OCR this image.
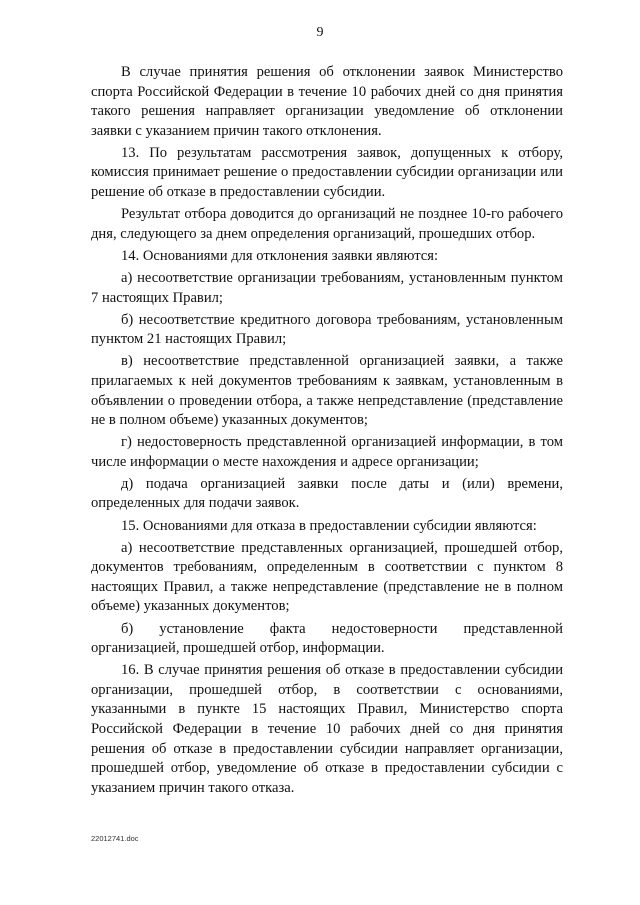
9

В случае принятия решения об отклонении заявок Министерство спорта Российской Федерации в течение 10 рабочих дней со дня принятия такого решения направляет организации уведомление об отклонении заявки с указанием причин такого отклонения.

13. По результатам рассмотрения заявок, допущенных к отбору, комиссия принимает решение о предоставлении субсидии организации или решение об отказе в предоставлении субсидии.

Результат отбора доводится до организаций не позднее 10-го рабочего дня, следующего за днем определения организаций, прошедших отбор.

14. Основаниями для отклонения заявки являются:

а) несоответствие организации требованиям, установленным пунктом 7 настоящих Правил;

б) несоответствие кредитного договора требованиям, установленным пунктом 21 настоящих Правил;

в) несоответствие представленной организацией заявки, а также прилагаемых к ней документов требованиям к заявкам, установленным в объявлении о проведении отбора, а также непредставление (представление не в полном объеме) указанных документов;

г) недостоверность представленной организацией информации, в том числе информации о месте нахождения и адресе организации;

д) подача организацией заявки после даты и (или) времени, определенных для подачи заявок.

15. Основаниями для отказа в предоставлении субсидии являются:

а) несоответствие представленных организацией, прошедшей отбор, документов требованиям, определенным в соответствии с пунктом 8 настоящих Правил, а также непредставление (представление не в полном объеме) указанных документов;

б) установление факта недостоверности представленной организацией, прошедшей отбор, информации.

16. В случае принятия решения об отказе в предоставлении субсидии организации, прошедшей отбор, в соответствии с основаниями, указанными в пункте 15 настоящих Правил, Министерство спорта Российской Федерации в течение 10 рабочих дней со дня принятия решения об отказе в предоставлении субсидии направляет организации, прошедшей отбор, уведомление об отказе в предоставлении субсидии с указанием причин такого отказа.

22012741.doc
